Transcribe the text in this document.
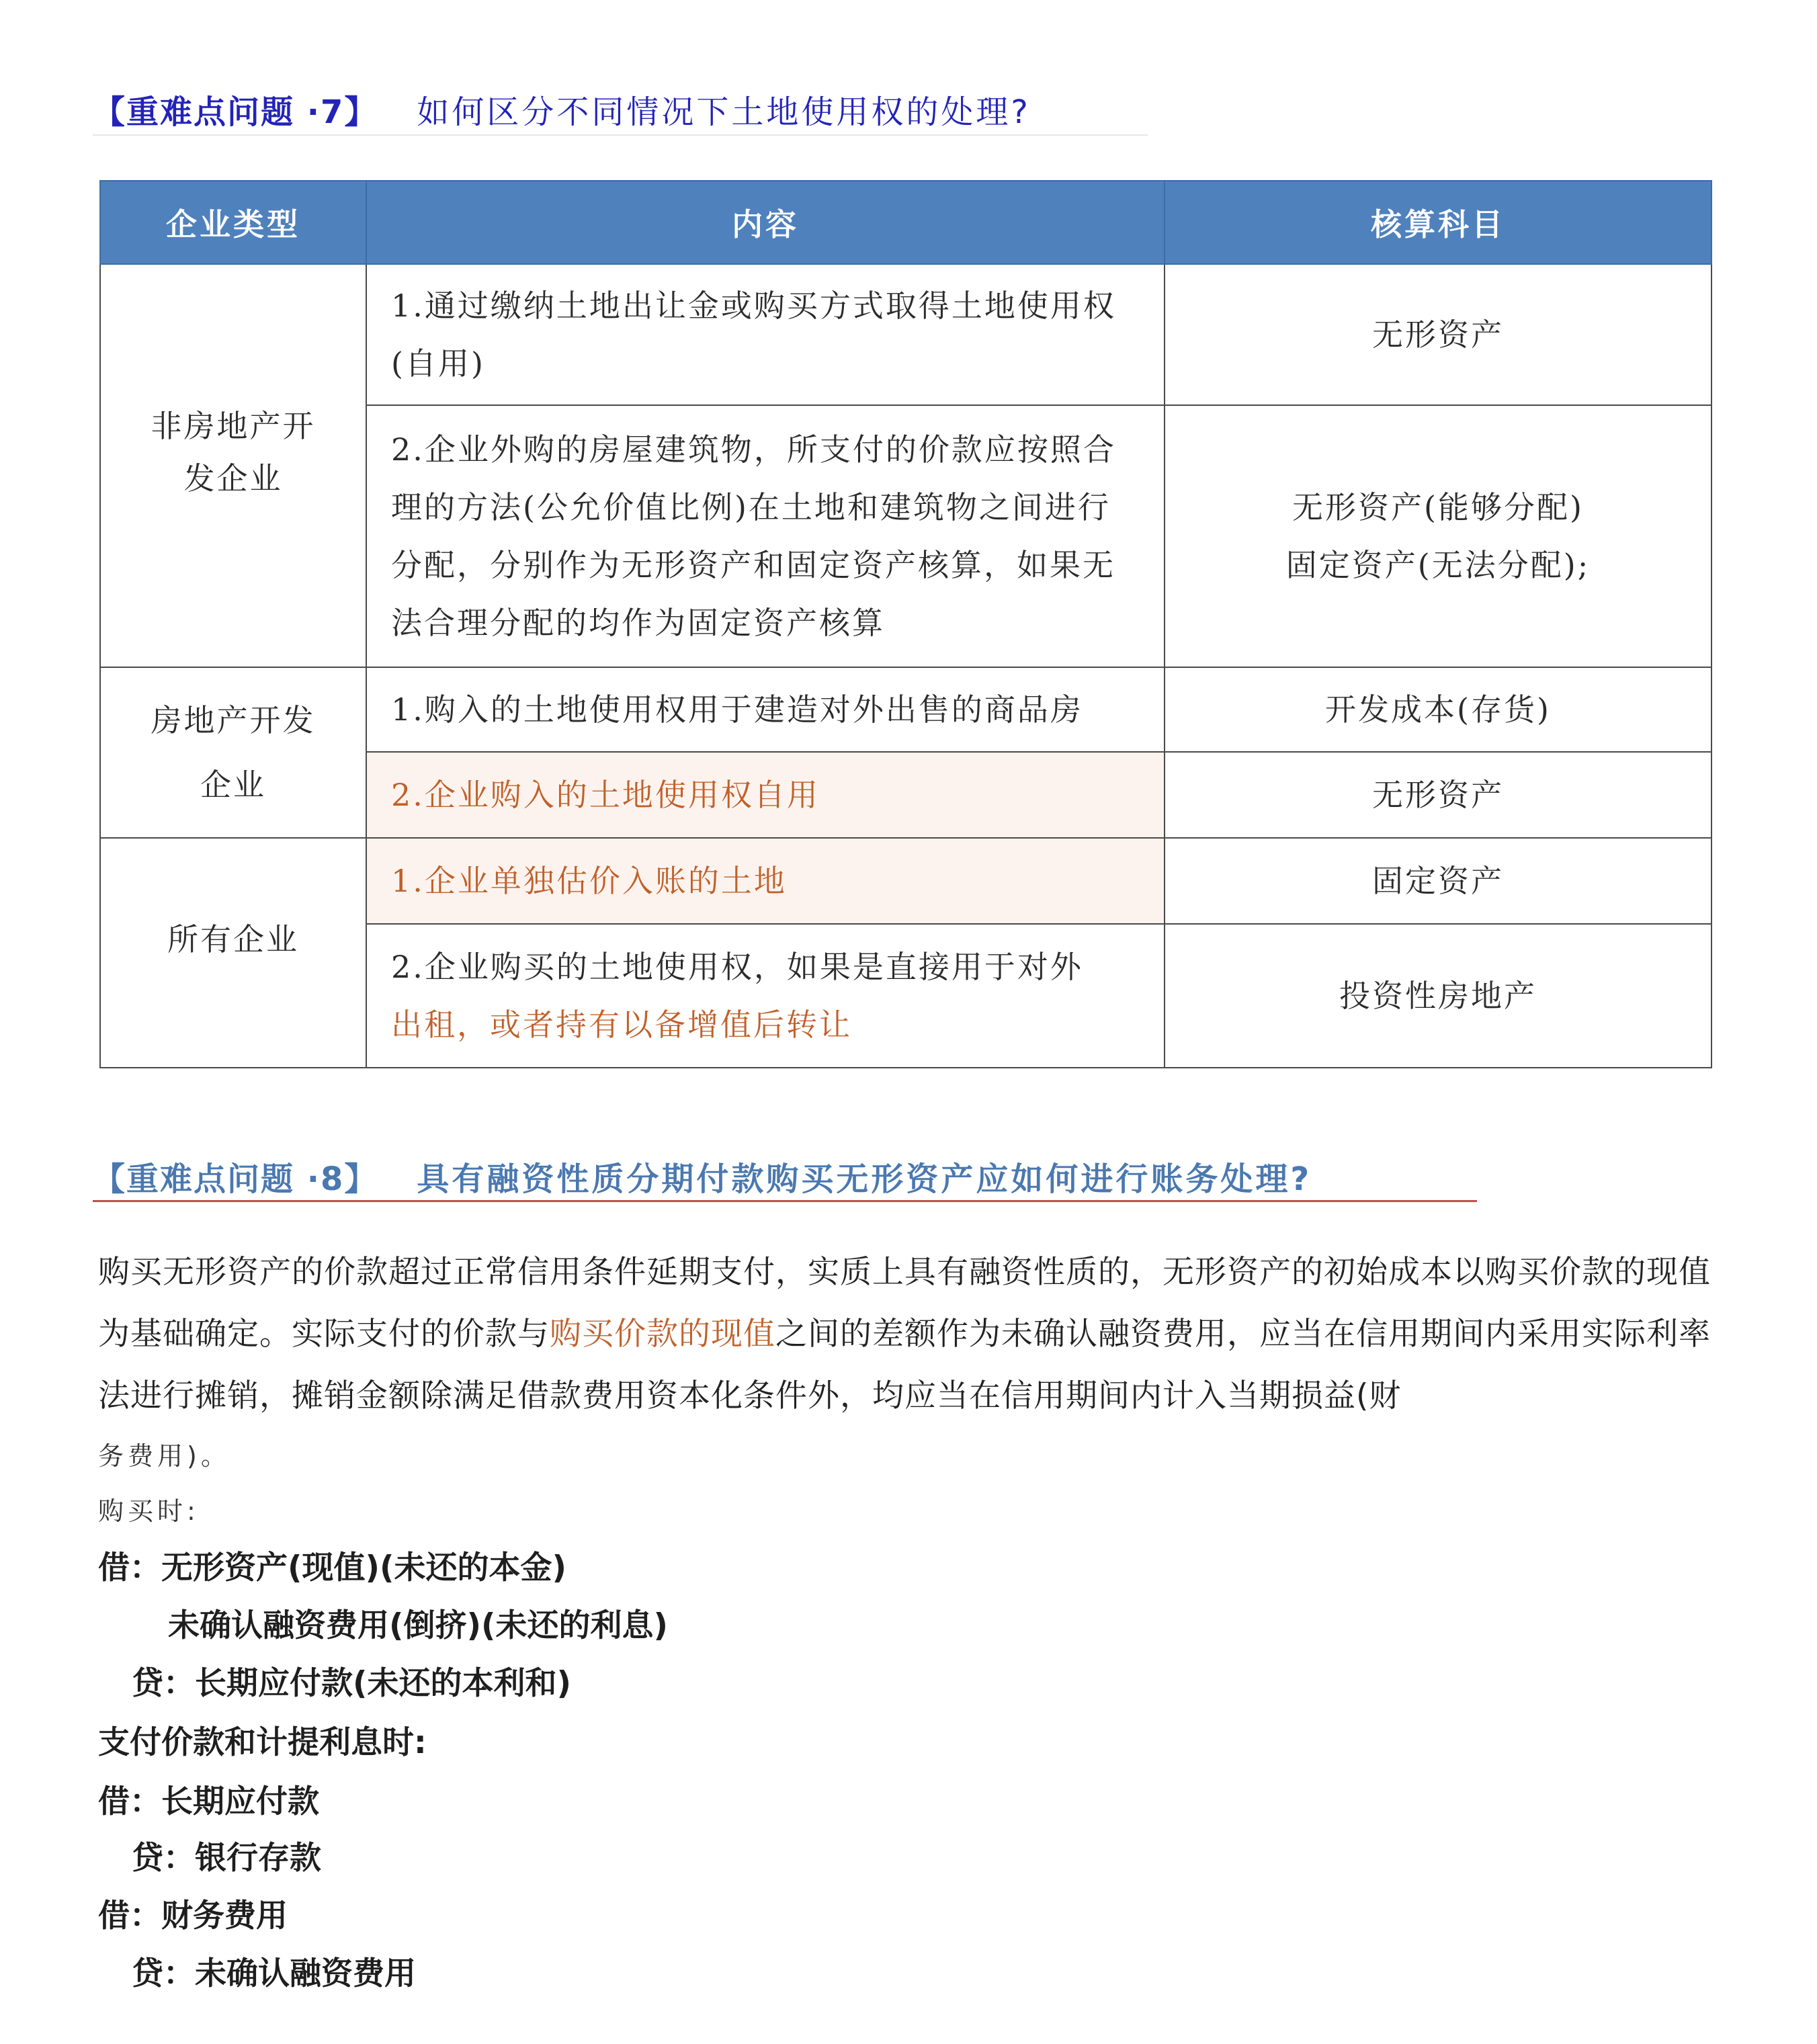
【重难点问题 ·7】 如何区分不同情况下土地使用权的处理?
企业类型	内容	核算科目

非房地产开发企业	1.通过缴纳土地出让金或购买方式取得土地使用权(自用)	无形资产
	2.企业外购的房屋建筑物，所支付的价款应按照合理的方法(公允价值比例)在土地和建筑物之间进行分配，分别作为无形资产和固定资产核算，如果无法合理分配的均作为固定资产核算	无形资产(能够分配)
固定资产(无法分配);

房地产开发企业	1.购入的土地使用权用于建造对外出售的商品房	开发成本(存货)
	2.企业购入的土地使用权自用	无形资产

所有企业	1.企业单独估价入账的土地	固定资产

	2.企业购买的土地使用权，如果是直接用于对外
出租，或者持有以备增值后转让	投资性房地产
【重难点问题 ·8】 具有融资性质分期付款购买无形资产应如何进行账务处理?

购买无形资产的价款超过正常信用条件延期支付，实质上具有融资性质的，无形资产的初始成本以购买价款的现值为基础确定。实际支付的价款与购买价款的现值之间的差额作为未确认融资费用，应当在信用期间内采用实际利率法进行摊销，摊销金额除满足借款费用资本化条件外，均应当在信用期间内计入当期损益(财

务费用)。

购买时:

借：无形资产(现值)(未还的本金)

未确认融资费用(倒挤)(未还的利息)

贷：长期应付款(未还的本利和)

支付价款和计提利息时:

借：长期应付款

贷：银行存款

借：财务费用

贷：未确认融资费用
